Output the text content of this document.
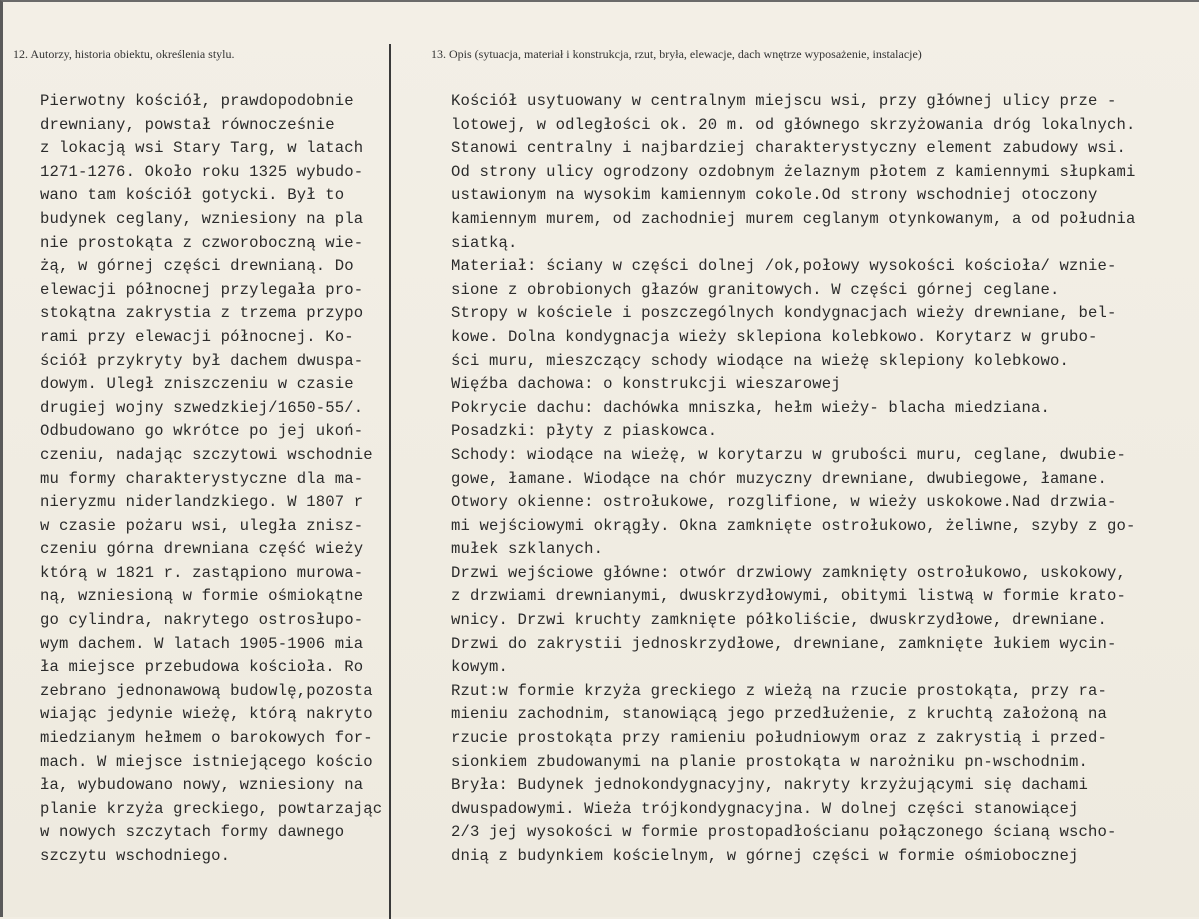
12. Autorzy, historia obiektu, określenia stylu.	13. Opis (sytuacja, materiał i konstrukcja, rzut, bryła, elewacje, dach wnętrze wyposażenie, instalacje)
Pierwotny kościół, prawdopodobnie
drewniany, powstał równocześnie
z lokacją wsi Stary Targ, w latach
1271-1276. Około roku 1325 wybudo-
wano tam kościół gotycki. Był to
budynek ceglany, wzniesiony na pla
nie prostokąta z czworoboczną wie-
żą, w górnej części drewnianą. Do
elewacji północnej przylegała pro-
stokątna zakrystia z trzema przypo
rami przy elewacji północnej. Ko-
ściół przykryty był dachem dwuspa-
dowym. Uległ zniszczeniu w czasie
drugiej wojny szwedzkiej/1650-55/.
Odbudowano go wkrótce po jej ukoń-
czeniu, nadając szczytowi wschodnie
mu formy charakterystyczne dla ma-
nieryzmu niderlandzkiego. W 1807 r
w czasie pożaru wsi, uległa znisz-
czeniu górna drewniana część wieży
którą w 1821 r. zastąpiono murowa-
ną, wzniesioną w formie ośmiokątne
go cylindra, nakrytego ostrosłupo-
wym dachem. W latach 1905-1906 mia
ła miejsce przebudowa kościoła. Ro
zebrano jednonawową budowlę,pozosta
wiając jedynie wieżę, którą nakryto
miedzianym hełmem o barokowych for-
mach. W miejsce istniejącego kościo
ła, wybudowano nowy, wzniesiony na
planie krzyża greckiego, powtarzając
w nowych szczytach formy dawnego
szczytu wschodniego.
Kościół usytuowany w centralnym miejscu wsi, przy głównej ulicy prze -
lotowej, w odległości ok. 20 m. od głównego skrzyżowania dróg lokalnych.
Stanowi centralny i najbardziej charakterystyczny element zabudowy wsi.
Od strony ulicy ogrodzony ozdobnym żelaznym płotem z kamiennymi słupkami
ustawionym na wysokim kamiennym cokole.Od strony wschodniej otoczony
kamiennym murem, od zachodniej murem ceglanym otynkowanym, a od południa
siatką.
Materiał: ściany w części dolnej /ok,połowy wysokości kościoła/ wznie-
sione z obrobionych głazów granitowych. W części górnej ceglane.
Stropy w kościele i poszczególnych kondygnacjach wieży drewniane, bel-
kowe. Dolna kondygnacja wieży sklepiona kolebkowo. Korytarz w grubo-
ści muru, mieszczący schody wiodące na wieżę sklepiony kolebkowo.
Więźba dachowa: o konstrukcji wieszarowej
Pokrycie dachu: dachówka mniszka, hełm wieży- blacha miedziana.
Posadzki: płyty z piaskowca.
Schody: wiodące na wieżę, w korytarzu w grubości muru, ceglane, dwubie-
gowe, łamane. Wiodące na chór muzyczny drewniane, dwubiegowe, łamane.
Otwory okienne: ostrołukowe, rozglifione, w wieży uskokowe.Nad drzwia-
mi wejściowymi okrągły. Okna zamknięte ostrołukowo, żeliwne, szyby z go-
mułek szklanych.
Drzwi wejściowe główne: otwór drzwiowy zamknięty ostrołukowo, uskokowy,
z drzwiami drewnianymi, dwuskrzydłowymi, obitymi listwą w formie krato-
wnicy. Drzwi kruchty zamknięte półkoliście, dwuskrzydłowe, drewniane.
Drzwi do zakrystii jednoskrzydłowe, drewniane, zamknięte łukiem wycin-
kowym.
Rzut:w formie krzyża greckiego z wieżą na rzucie prostokąta, przy ra-
mieniu zachodnim, stanowiącą jego przedłużenie, z kruchtą założoną na
rzucie prostokąta przy ramieniu południowym oraz z zakrystią i przed-
sionkiem zbudowanymi na planie prostokąta w narożniku pn-wschodnim.
Bryła: Budynek jednokondygnacyjny, nakryty krzyżującymi się dachami
dwuspadowymi. Wieża trójkondygnacyjna. W dolnej części stanowiącej
2/3 jej wysokości w formie prostopadłościanu połączonego ścianą wscho-
dnią z budynkiem kościelnym, w górnej części w formie ośmiobocznej
